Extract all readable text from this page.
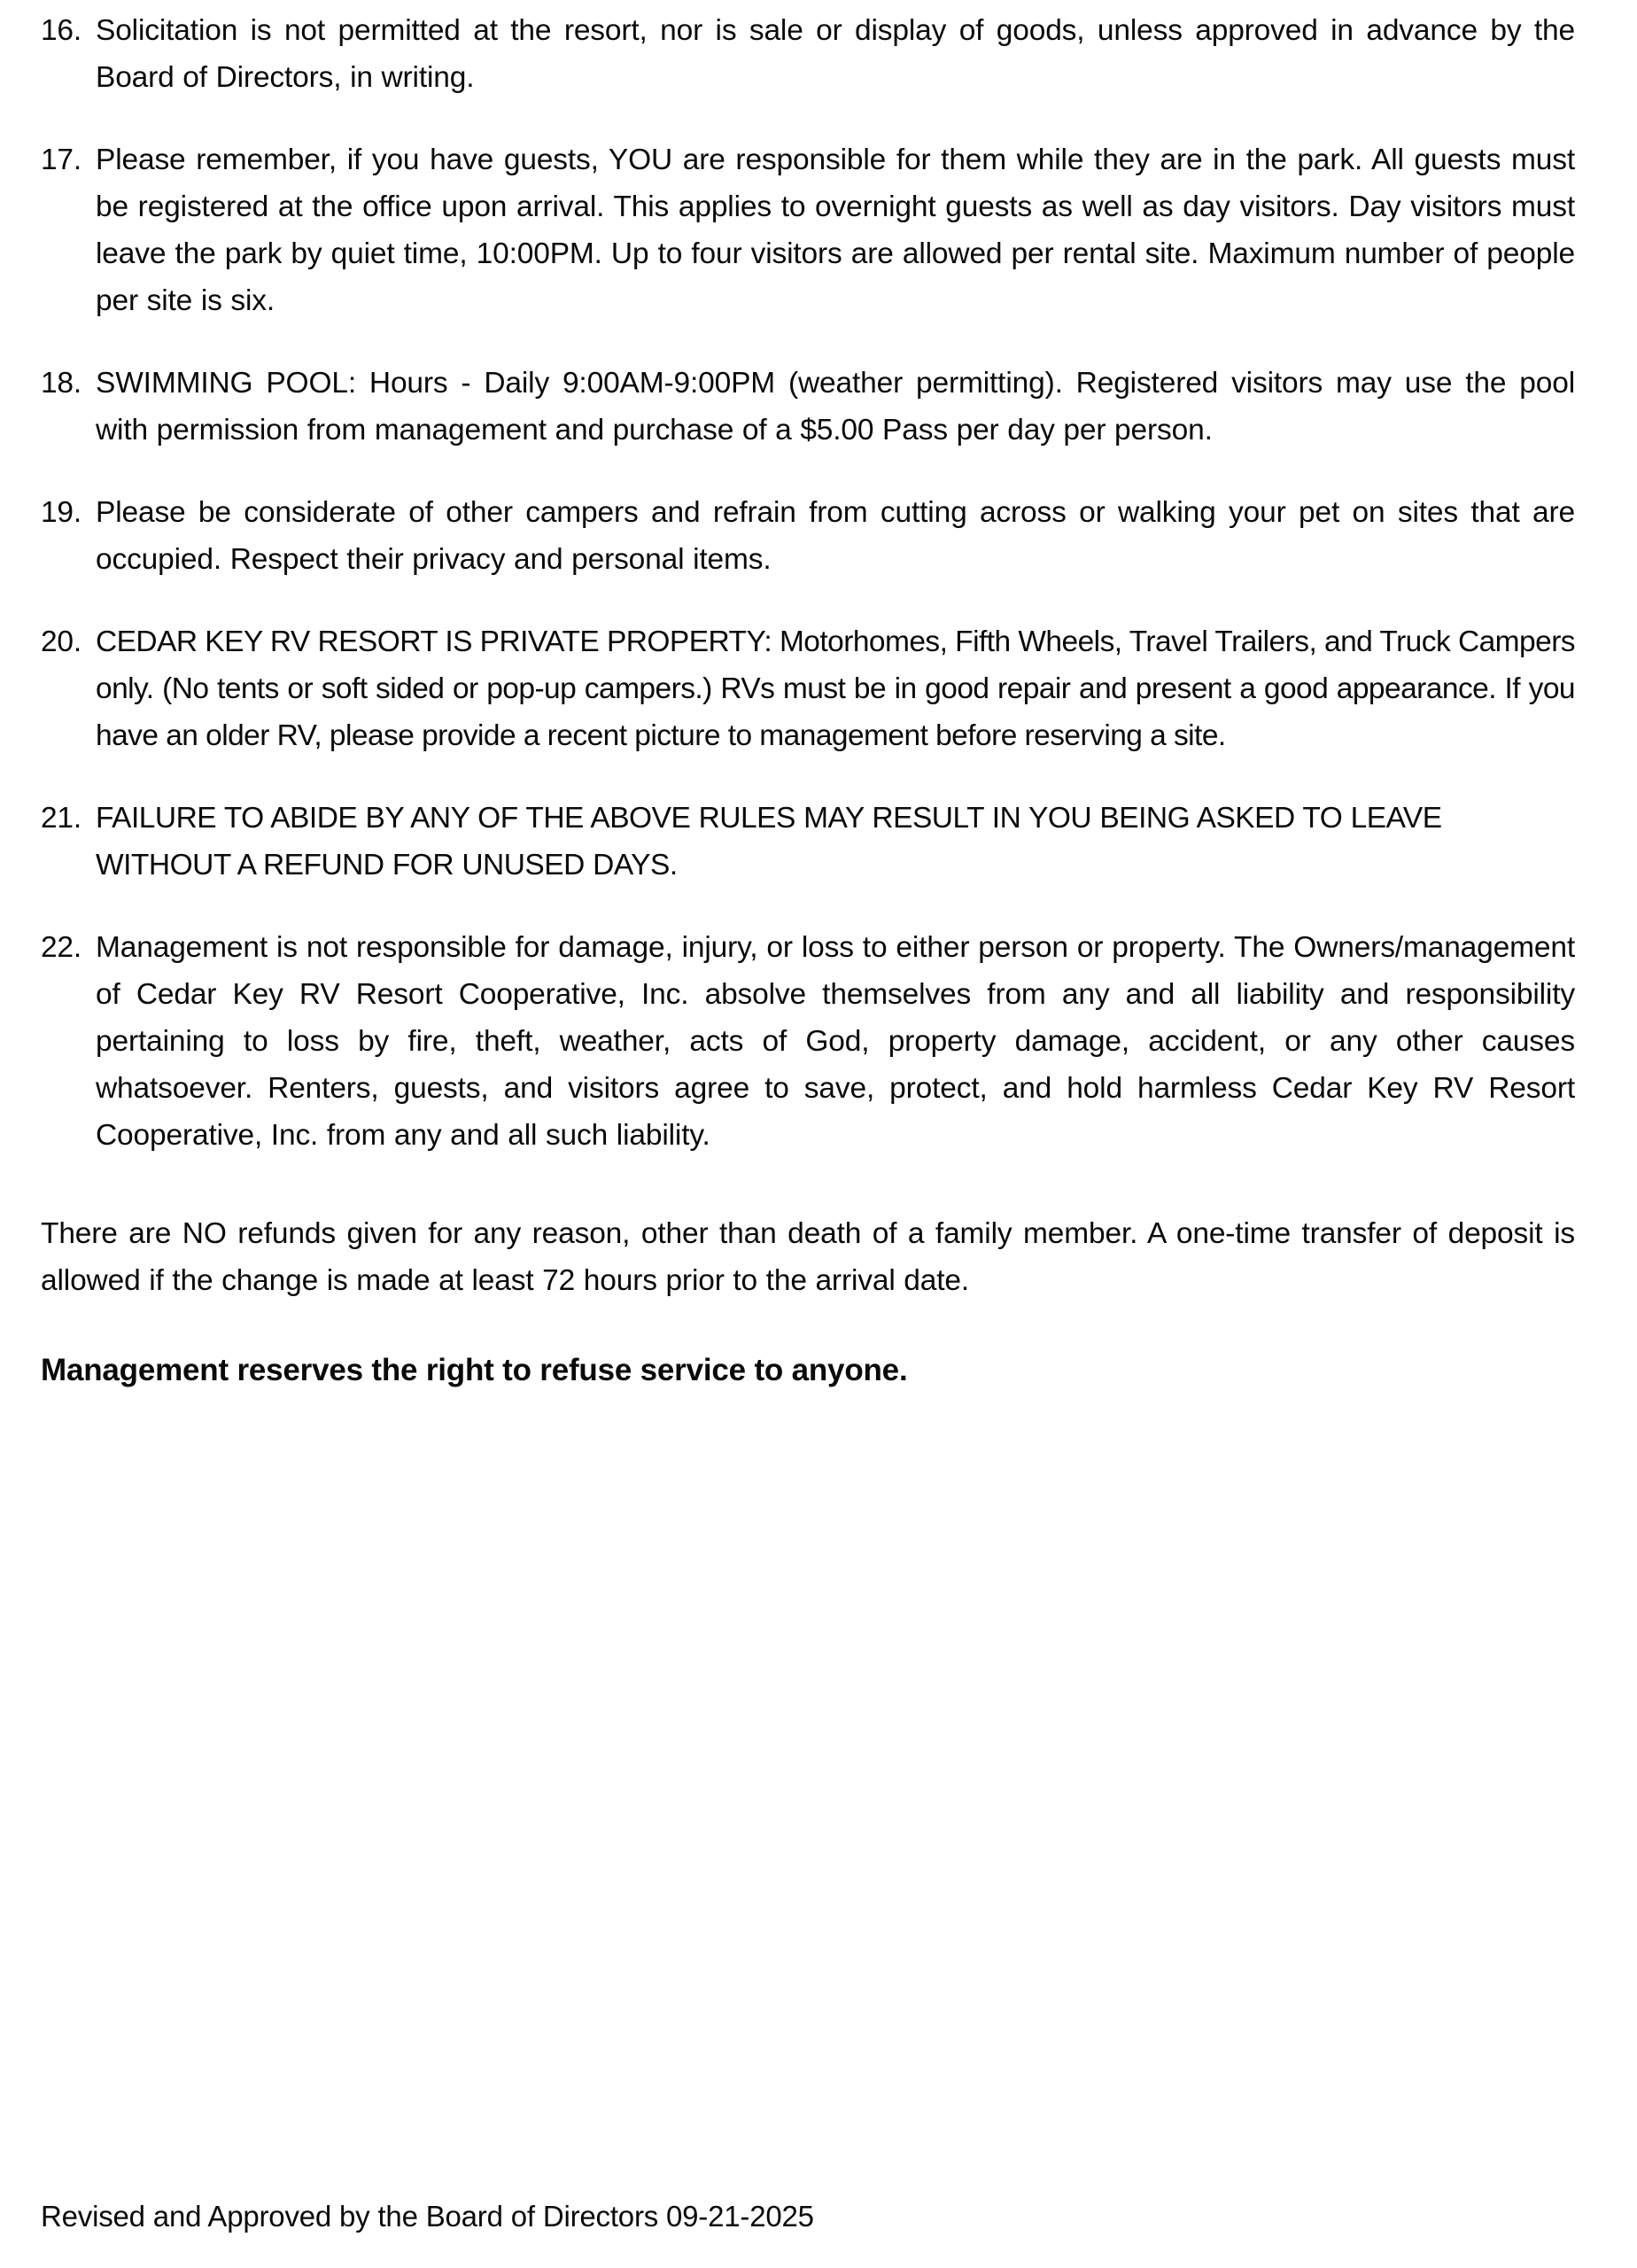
16. Solicitation is not permitted at the resort, nor is sale or display of goods, unless approved in advance by the Board of Directors, in writing.
17. Please remember, if you have guests, YOU are responsible for them while they are in the park. All guests must be registered at the office upon arrival. This applies to overnight guests as well as day visitors. Day visitors must leave the park by quiet time, 10:00PM. Up to four visitors are allowed per rental site. Maximum number of people per site is six.
18. SWIMMING POOL: Hours - Daily 9:00AM-9:00PM (weather permitting). Registered visitors may use the pool with permission from management and purchase of a $5.00 Pass per day per person.
19. Please be considerate of other campers and refrain from cutting across or walking your pet on sites that are occupied. Respect their privacy and personal items.
20. CEDAR KEY RV RESORT IS PRIVATE PROPERTY: Motorhomes, Fifth Wheels, Travel Trailers, and Truck Campers only. (No tents or soft sided or pop-up campers.) RVs must be in good repair and present a good appearance. If you have an older RV, please provide a recent picture to management before reserving a site.
21. FAILURE TO ABIDE BY ANY OF THE ABOVE RULES MAY RESULT IN YOU BEING ASKED TO LEAVE WITHOUT A REFUND FOR UNUSED DAYS.
22. Management is not responsible for damage, injury, or loss to either person or property. The Owners/management of Cedar Key RV Resort Cooperative, Inc. absolve themselves from any and all liability and responsibility pertaining to loss by fire, theft, weather, acts of God, property damage, accident, or any other causes whatsoever. Renters, guests, and visitors agree to save, protect, and hold harmless Cedar Key RV Resort Cooperative, Inc. from any and all such liability.

There are NO refunds given for any reason, other than death of a family member. A one-time transfer of deposit is allowed if the change is made at least 72 hours prior to the arrival date.

Management reserves the right to refuse service to anyone.

Revised and Approved by the Board of Directors 09-21-2025
